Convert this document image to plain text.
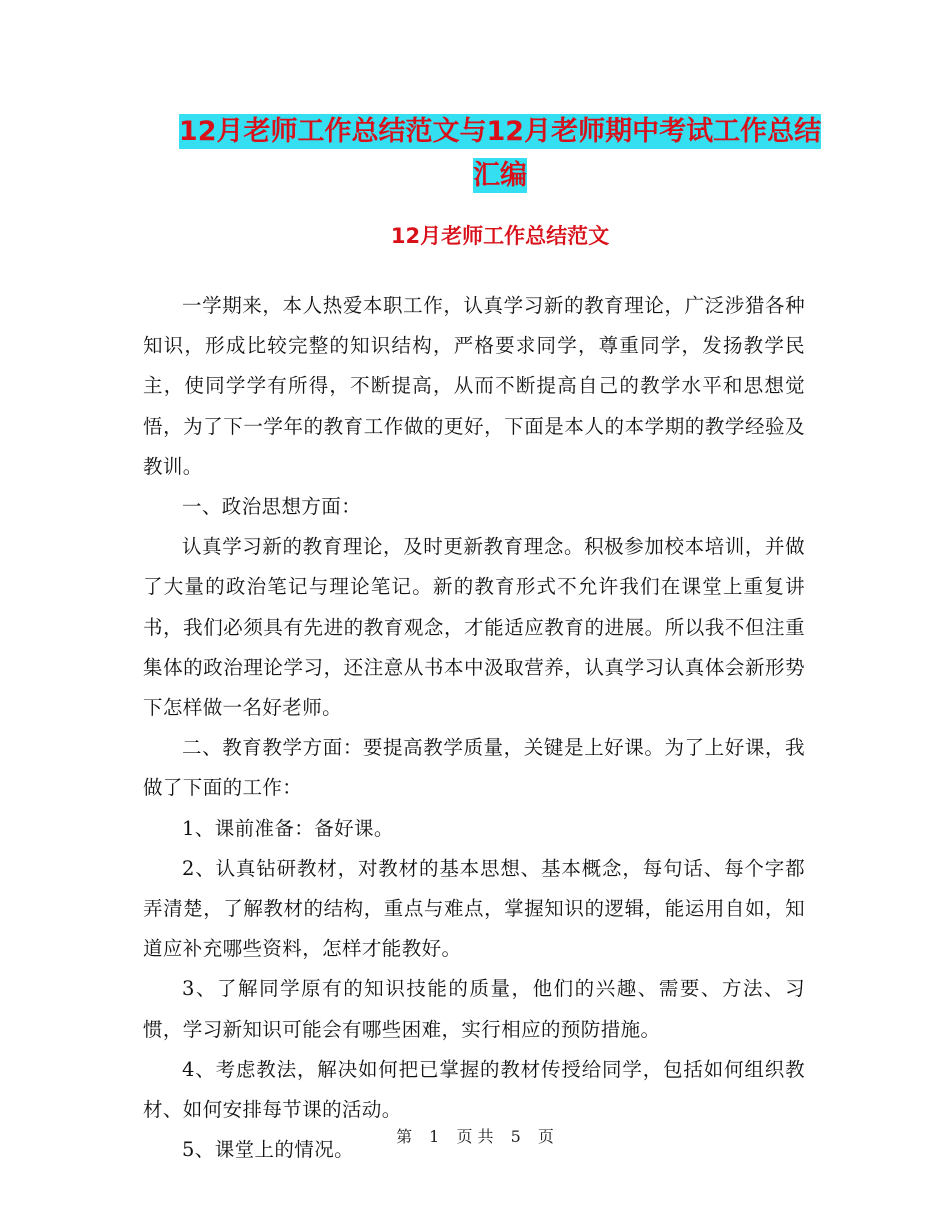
12月老师工作总结范文与12月老师期中考试工作总结
汇编
12月老师工作总结范文

一学期来，本人热爱本职工作，认真学习新的教育理论，广泛涉猎各种知识，形成比较完整的知识结构，严格要求同学，尊重同学，发扬教学民主，使同学学有所得，不断提高，从而不断提高自己的教学水平和思想觉悟，为了下一学年的教育工作做的更好，下面是本人的本学期的教学经验及教训。

一、政治思想方面：

认真学习新的教育理论，及时更新教育理念。积极参加校本培训，并做了大量的政治笔记与理论笔记。新的教育形式不允许我们在课堂上重复讲书，我们必须具有先进的教育观念，才能适应教育的进展。所以我不但注重集体的政治理论学习，还注意从书本中汲取营养，认真学习认真体会新形势下怎样做一名好老师。

二、教育教学方面：要提高教学质量，关键是上好课。为了上好课，我做了下面的工作：

1、课前准备：备好课。

2、认真钻研教材，对教材的基本思想、基本概念，每句话、每个字都弄清楚，了解教材的结构，重点与难点，掌握知识的逻辑，能运用自如，知道应补充哪些资料，怎样才能教好。

3、了解同学原有的知识技能的质量，他们的兴趣、需要、方法、习惯，学习新知识可能会有哪些困难，实行相应的预防措施。

4、考虑教法，解决如何把已掌握的教材传授给同学，包括如何组织教材、如何安排每节课的活动。

5、课堂上的情况。

第 1 页 共 5 页
